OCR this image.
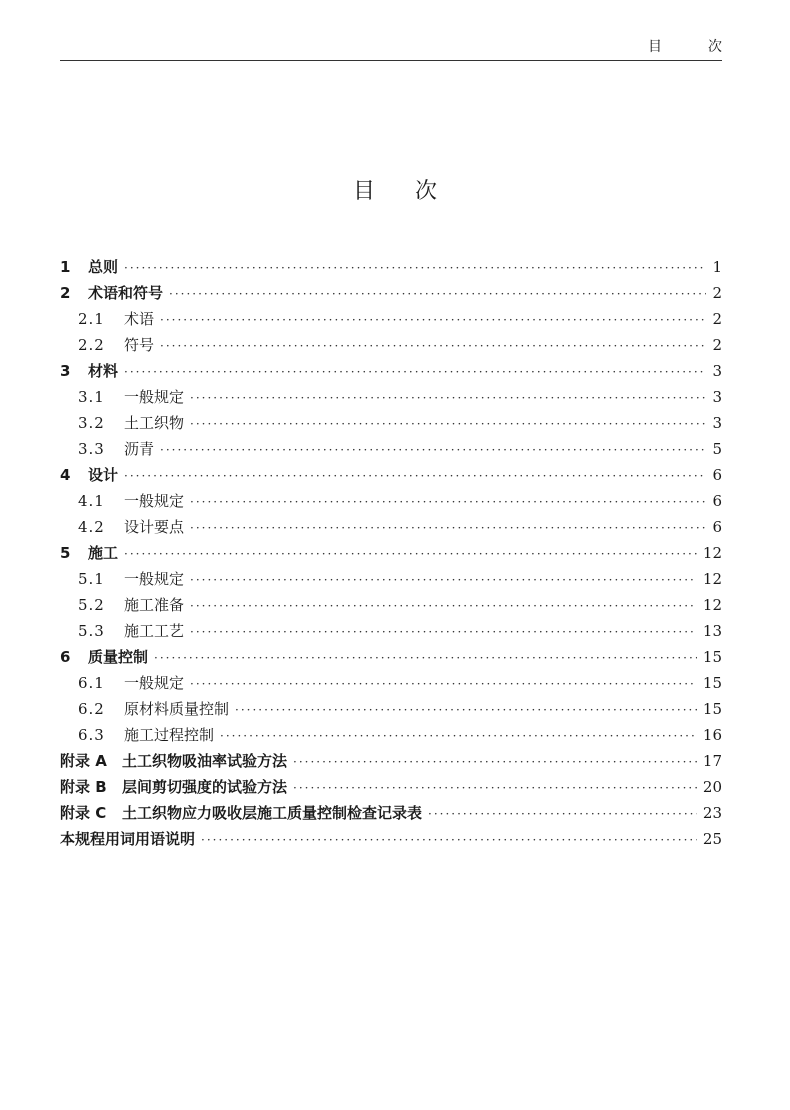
目　次
目次
1	总则 ·····	1
2	术语和符号 ·····	2
2.1	术语 ·····	2
2.2	符号 ·····	2
3	材料 ·····	3
3.1	一般规定 ·····	3
3.2	土工织物 ·····	3
3.3	沥青 ·····	5
4	设计 ·····	6
4.1	一般规定 ·····	6
4.2	设计要点 ·····	6
5	施工 ·····	12
5.1	一般规定 ·····	12
5.2	施工准备 ·····	12
5.3	施工工艺 ·····	13
6	质量控制 ·····	15
6.1	一般规定 ·····	15
6.2	原材料质量控制 ·····	15
6.3	施工过程控制 ·····	16
附录 A	土工织物吸油率试验方法 ·····	17
附录 B	层间剪切强度的试验方法 ·····	20
附录 C	土工织物应力吸收层施工质量控制检查记录表 ·····	23
本规程用词用语说明 ·····	25
